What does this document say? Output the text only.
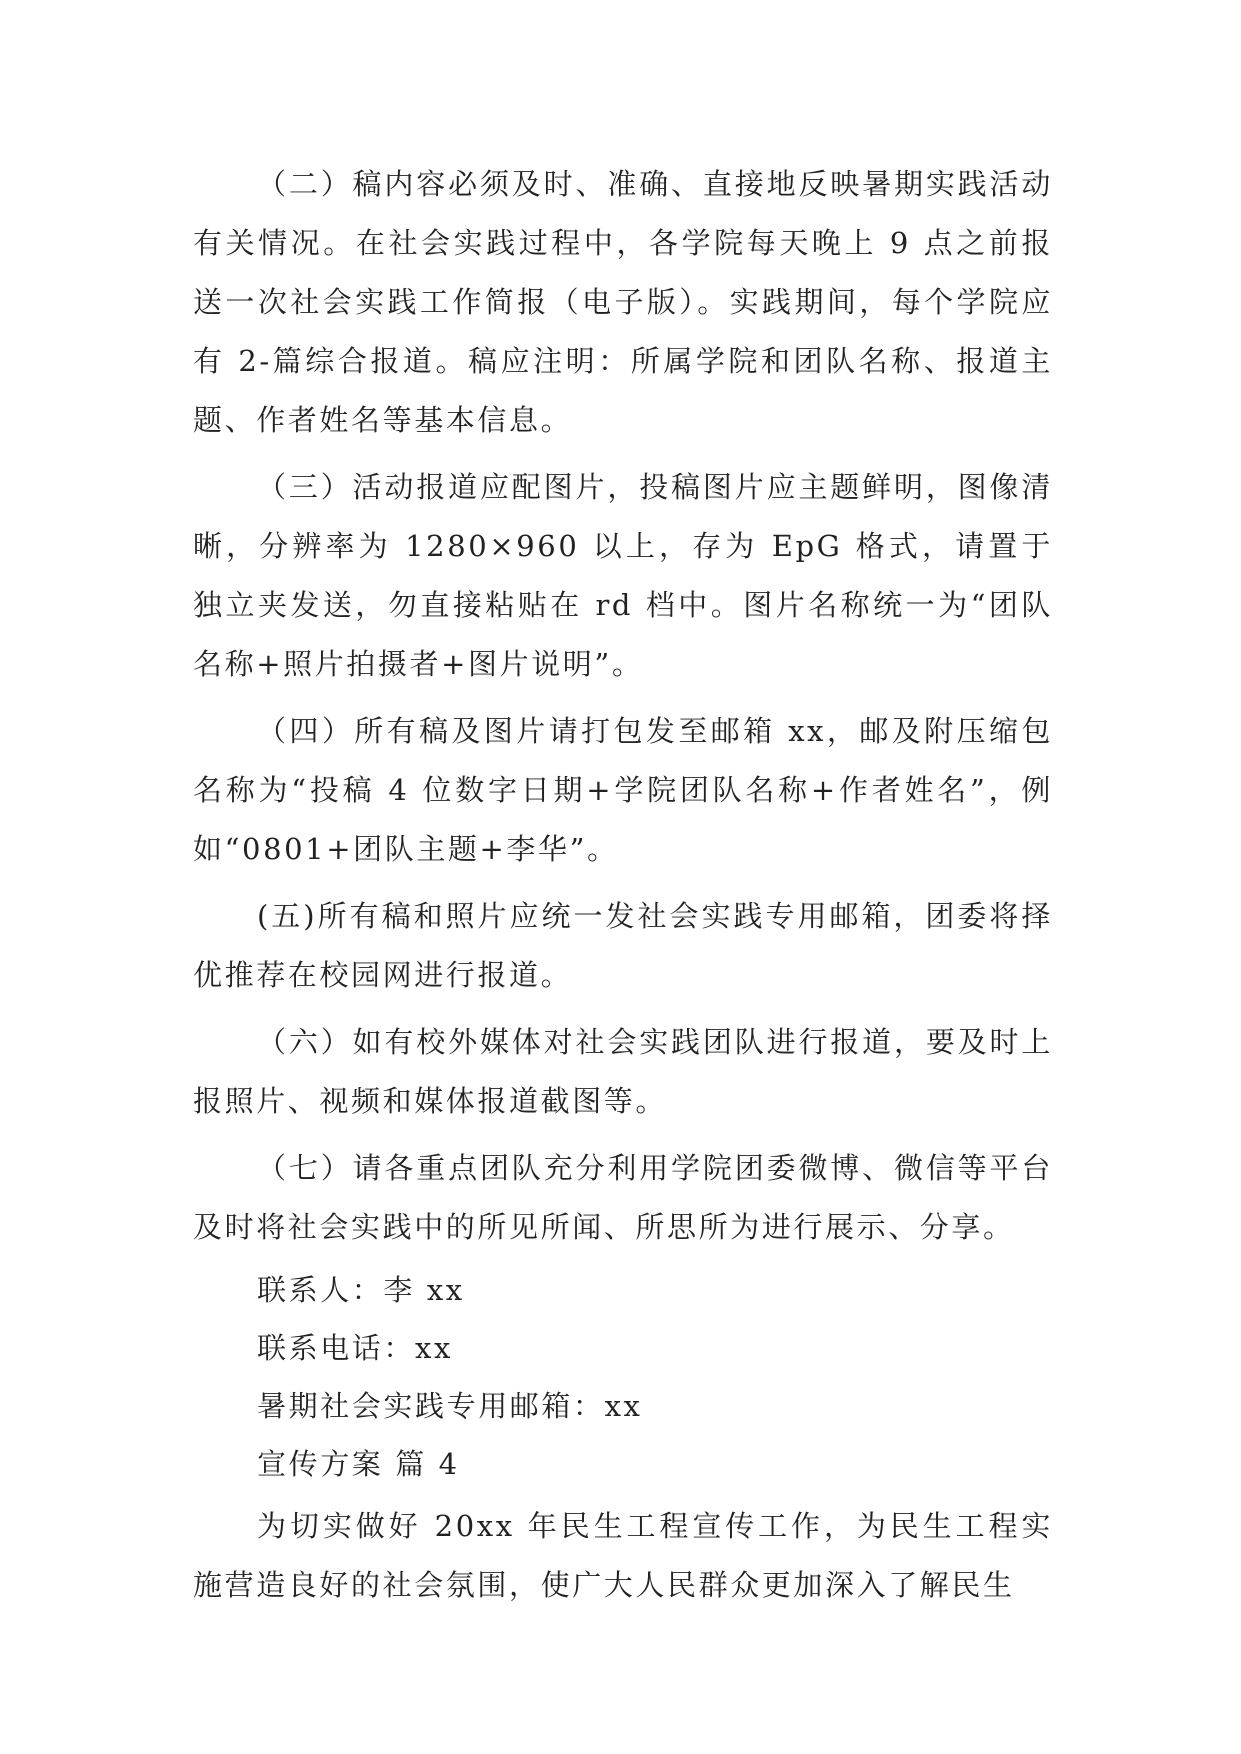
（二）稿内容必须及时、准确、直接地反映暑期实践活动有关情况。在社会实践过程中，各学院每天晚上 9 点之前报送一次社会实践工作简报（电子版）。实践期间，每个学院应有 2-篇综合报道。稿应注明：所属学院和团队名称、报道主题、作者姓名等基本信息。

（三）活动报道应配图片，投稿图片应主题鲜明，图像清晰，分辨率为 1280×960 以上，存为 EpG 格式，请置于独立夹发送，勿直接粘贴在 rd 档中。图片名称统一为“团队名称+照片拍摄者+图片说明”。

（四）所有稿及图片请打包发至邮箱 xx，邮及附压缩包名称为“投稿 4 位数字日期+学院团队名称+作者姓名”，例如“0801+团队主题+李华”。

(五)所有稿和照片应统一发社会实践专用邮箱，团委将择优推荐在校园网进行报道。

（六）如有校外媒体对社会实践团队进行报道，要及时上报照片、视频和媒体报道截图等。

（七）请各重点团队充分利用学院团委微博、微信等平台及时将社会实践中的所见所闻、所思所为进行展示、分享。

联系人：李 xx

联系电话：xx

暑期社会实践专用邮箱：xx

宣传方案 篇 4

为切实做好 20xx 年民生工程宣传工作，为民生工程实施营造良好的社会氛围，使广大人民群众更加深入了解民生
